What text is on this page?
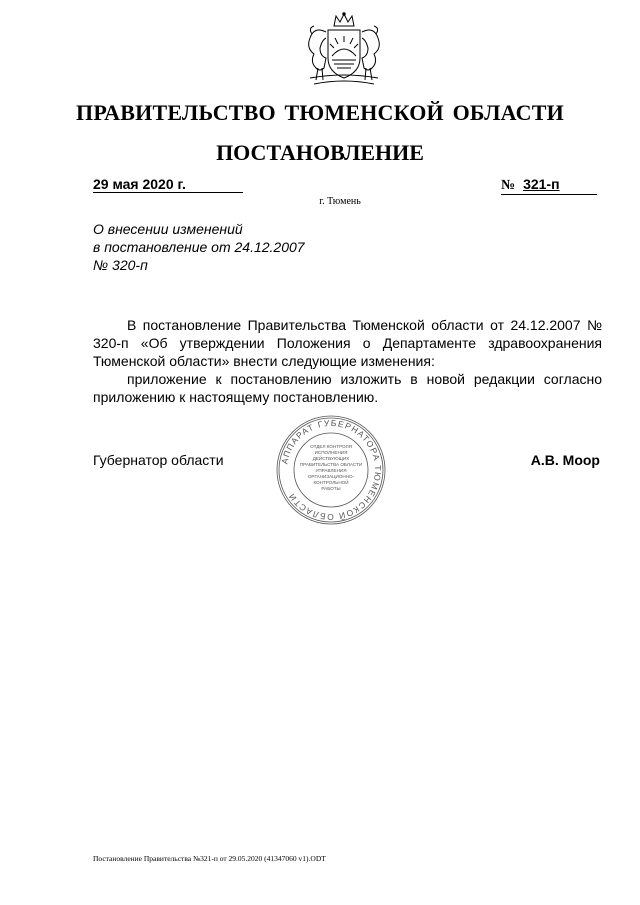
ПРАВИТЕЛЬСТВО ТЮМЕНСКОЙ ОБЛАСТИ
ПОСТАНОВЛЕНИЕ
29 мая 2020 г.	№ 321-п
г. Тюмень
О внесении изменений
в постановление от 24.12.2007
№ 320-п
В постановление Правительства Тюменской области от 24.12.2007 № 320-п «Об утверждении Положения о Департаменте здравоохранения Тюменской области» внести следующие изменения:
приложение к постановлению изложить в новой редакции согласно приложению к настоящему постановлению.
Губернатор области	А.В. Моор
АППАРАТ ГУБЕРНАТОРА ТЮМЕНСКОЙ ОБЛАСТИ
ОТДЕЛ КОНТРОЛЯ
ИСПОЛНЕНИЯ
ДЕЙСТВУЮЩИХ
ПРАВИТЕЛЬСТВА ОБЛАСТИ
УПРАВЛЕНИЯ
ОРГАНИЗАЦИОННО-
КОНТРОЛЬНОЙ
РАБОТЫ
Постановление Правительства №321-п от 29.05.2020 (41347060 v1).ODT
